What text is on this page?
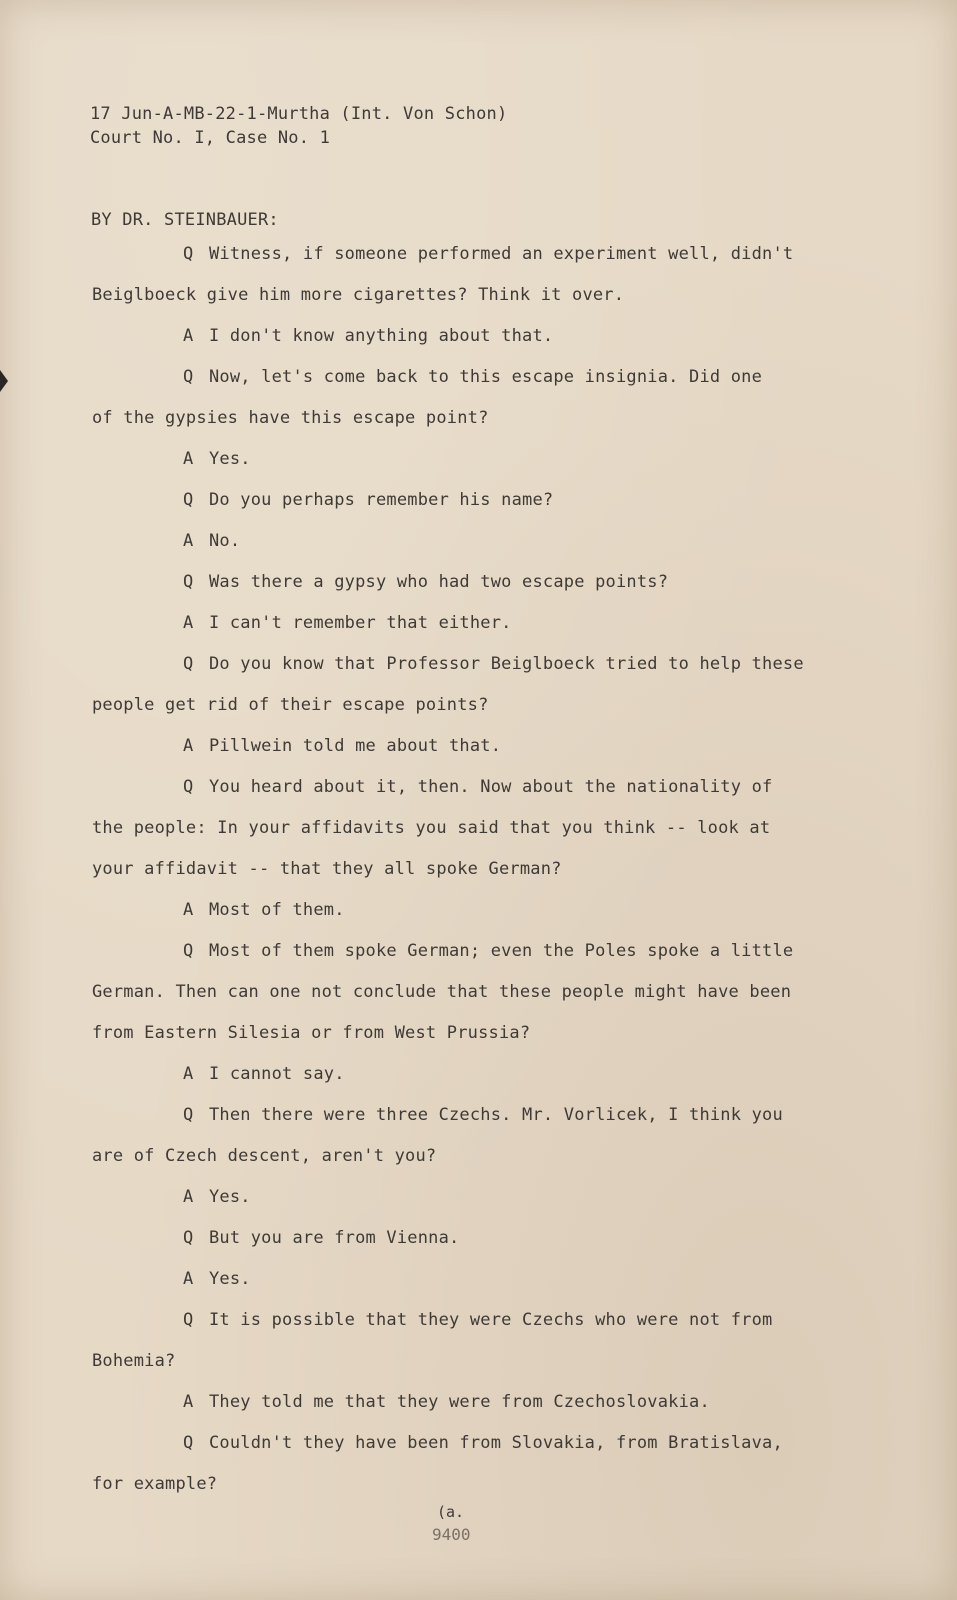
17 Jun-A-MB-22-1-Murtha (Int. Von Schon)
Court No. I, Case No. 1
BY DR. STEINBAUER:
Q Witness, if someone performed an experiment well, didn't
Beiglboeck give him more cigarettes? Think it over.
A I don't know anything about that.
Q Now, let's come back to this escape insignia. Did one
of the gypsies have this escape point?
A Yes.
Q Do you perhaps remember his name?
A No.
Q Was there a gypsy who had two escape points?
A I can't remember that either.
Q Do you know that Professor Beiglboeck tried to help these
people get rid of their escape points?
A Pillwein told me about that.
Q You heard about it, then. Now about the nationality of
the people: In your affidavits you said that you think -- look at
your affidavit -- that they all spoke German?
A Most of them.
Q Most of them spoke German; even the Poles spoke a little
German. Then can one not conclude that these people might have been
from Eastern Silesia or from West Prussia?
A I cannot say.
Q Then there were three Czechs. Mr. Vorlicek, I think you
are of Czech descent, aren't you?
A Yes.
Q But you are from Vienna.
A Yes.
Q It is possible that they were Czechs who were not from
Bohemia?
A They told me that they were from Czechoslovakia.
Q Couldn't they have been from Slovakia, from Bratislava,
for example?
(a.
9400
